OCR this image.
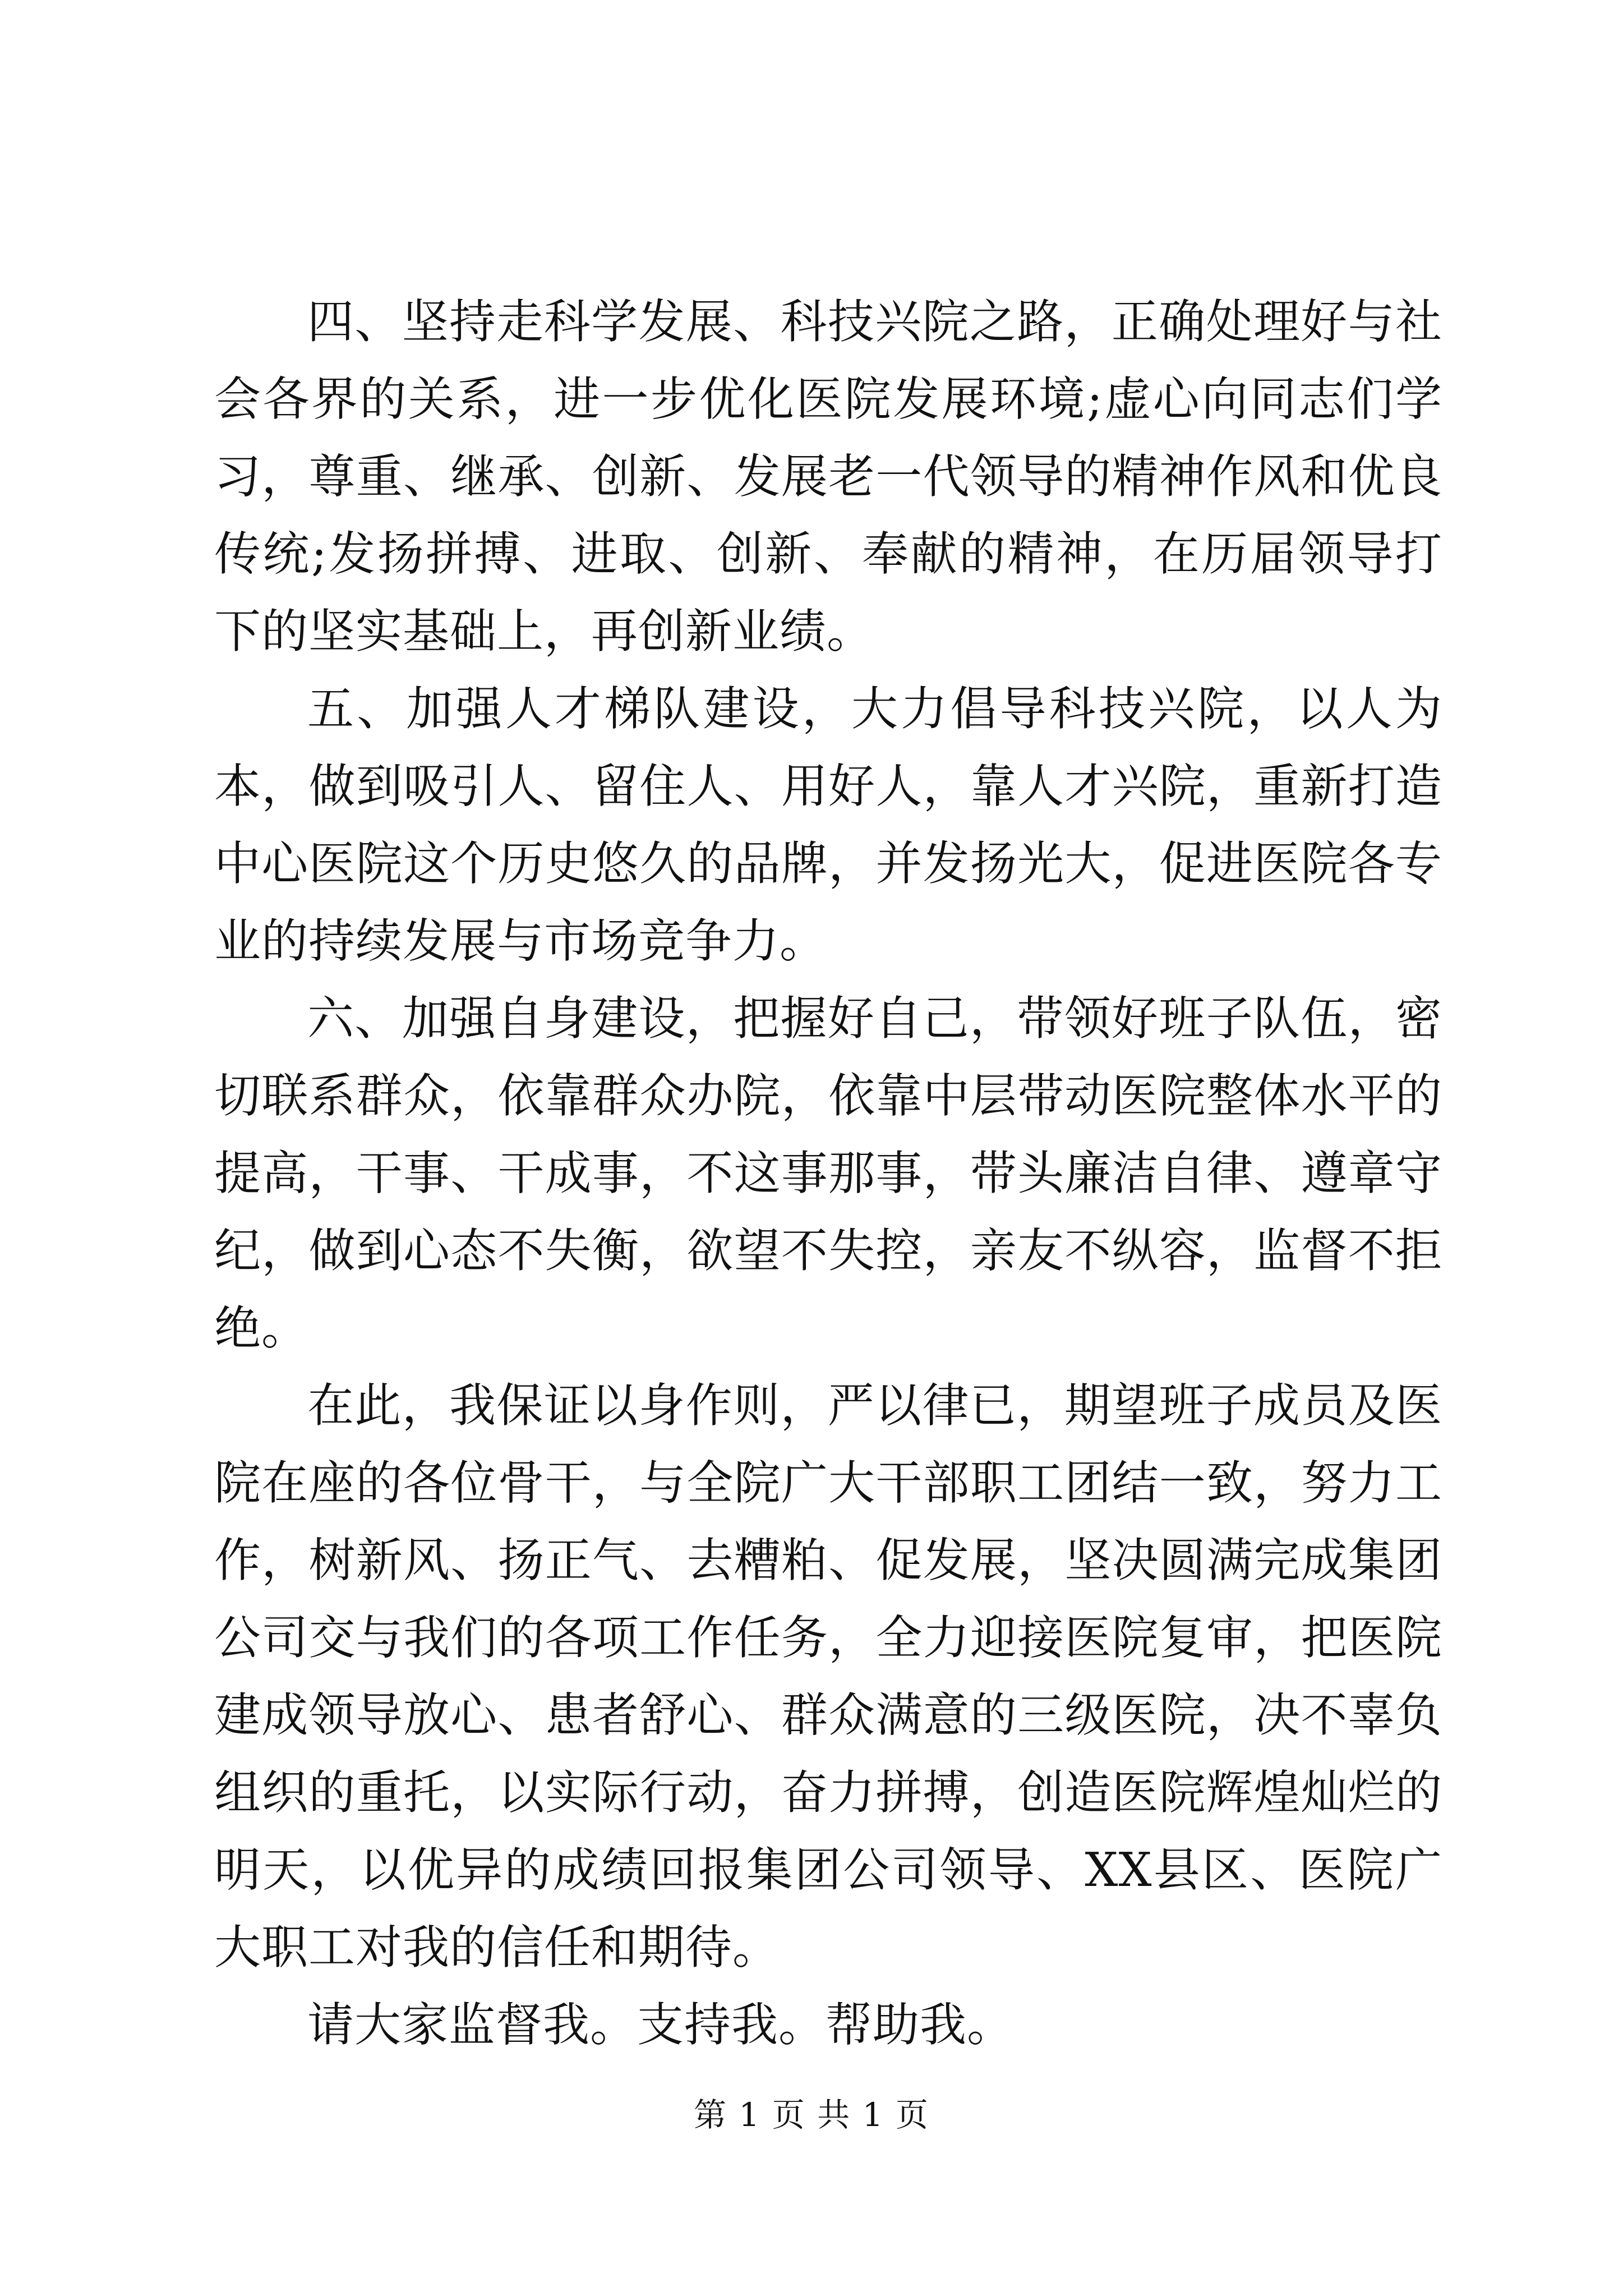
四、坚持走科学发展、科技兴院之路，正确处理好与社会各界的关系，进一步优化医院发展环境;虚心向同志们学习，尊重、继承、创新、发展老一代领导的精神作风和优良传统;发扬拼搏、进取、创新、奉献的精神，在历届领导打下的坚实基础上，再创新业绩。

五、加强人才梯队建设，大力倡导科技兴院，以人为本，做到吸引人、留住人、用好人，靠人才兴院，重新打造中心医院这个历史悠久的品牌，并发扬光大，促进医院各专业的持续发展与市场竞争力。

六、加强自身建设，把握好自己，带领好班子队伍，密切联系群众，依靠群众办院，依靠中层带动医院整体水平的提高，干事、干成事，不这事那事，带头廉洁自律、遵章守纪，做到心态不失衡，欲望不失控，亲友不纵容，监督不拒绝。

在此，我保证以身作则，严以律已，期望班子成员及医院在座的各位骨干，与全院广大干部职工团结一致，努力工作，树新风、扬正气、去糟粕、促发展，坚决圆满完成集团公司交与我们的各项工作任务，全力迎接医院复审，把医院建成领导放心、患者舒心、群众满意的三级医院，决不辜负组织的重托，以实际行动，奋力拼搏，创造医院辉煌灿烂的明天，以优异的成绩回报集团公司领导、XX县区、医院广大职工对我的信任和期待。

请大家监督我。支持我。帮助我。

第 1 页 共 1 页
